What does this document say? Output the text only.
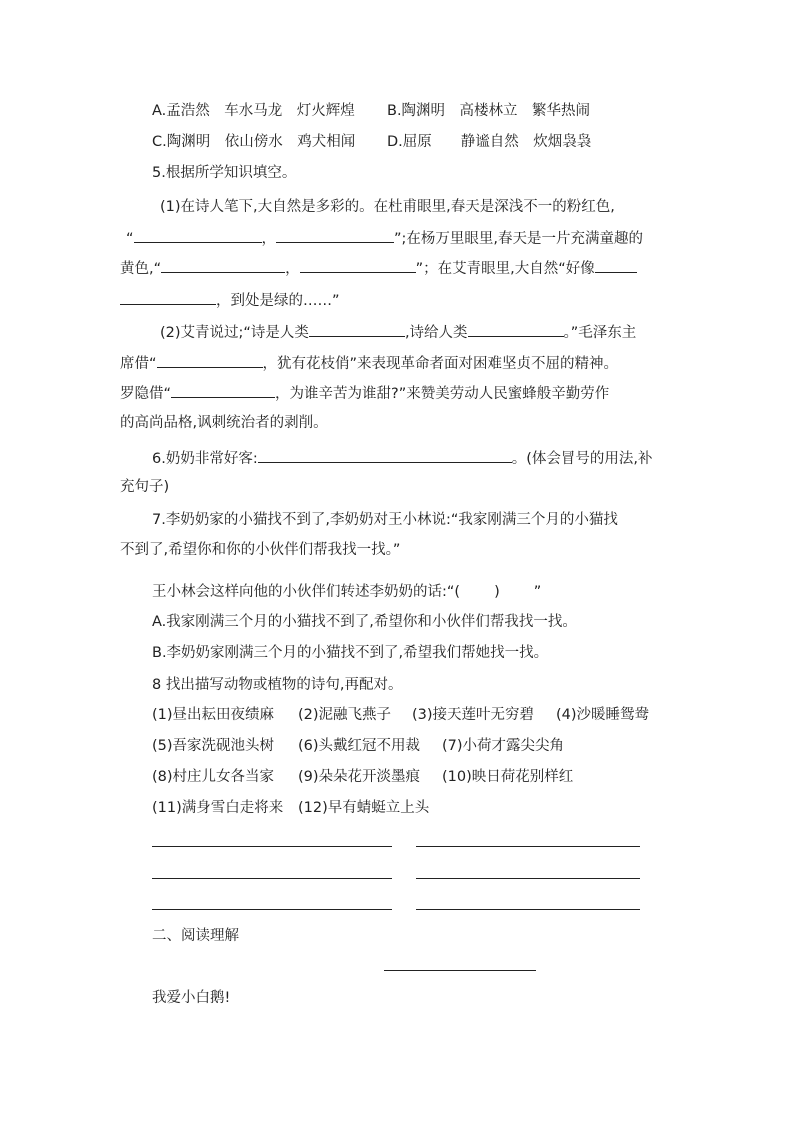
A.孟浩然　车水马龙　灯火辉煌 B.陶渊明　高楼林立　繁华热闹
C.陶渊明　依山傍水　鸡犬相闻 D.屈原　　静谧自然　炊烟袅袅
5.根据所学知识填空。
(1)在诗人笔下,大自然是多彩的。在杜甫眼里,春天是深浅不一的粉红色,
“	，	”;在杨万里眼里,春天是一片充满童趣的
黄色,“	，	”；在艾青眼里,大自然“好像
，到处是绿的……”
(2)艾青说过;“诗是人类	,诗给人类	。”毛泽东主
席借“	，犹有花枝俏”来表现革命者面对困难坚贞不屈的精神。
罗隐借“	，为谁辛苦为谁甜?”来赞美劳动人民蜜蜂般辛勤劳作
的高尚品格,讽刺统治者的剥削。
6.奶奶非常好客:	。(体会冒号的用法,补
充句子)
7.李奶奶家的小猫找不到了,李奶奶对王小林说:“我家刚满三个月的小猫找
不到了,希望你和你的小伙伴们帮我找一找。”
王小林会这样向他的小伙伴们转述李奶奶的话:“( ) ”
A.我家刚满三个月的小猫找不到了,希望你和小伙伴们帮我找一找。
B.李奶奶家刚满三个月的小猫找不到了,希望我们帮她找一找。
8 找出描写动物或植物的诗句,再配对。
(1)昼出耘田夜绩麻 (2)泥融飞燕子 (3)接天莲叶无穷碧 (4)沙暖睡鸳鸯
(5)吾家洗砚池头树 (6)头戴红冠不用裁 (7)小荷才露尖尖角
(8)村庄儿女各当家 (9)朵朵花开淡墨痕 (10)映日荷花别样红
(11)满身雪白走将来 (12)早有蜻蜓立上头
二、阅读理解
我爱小白鹅!
